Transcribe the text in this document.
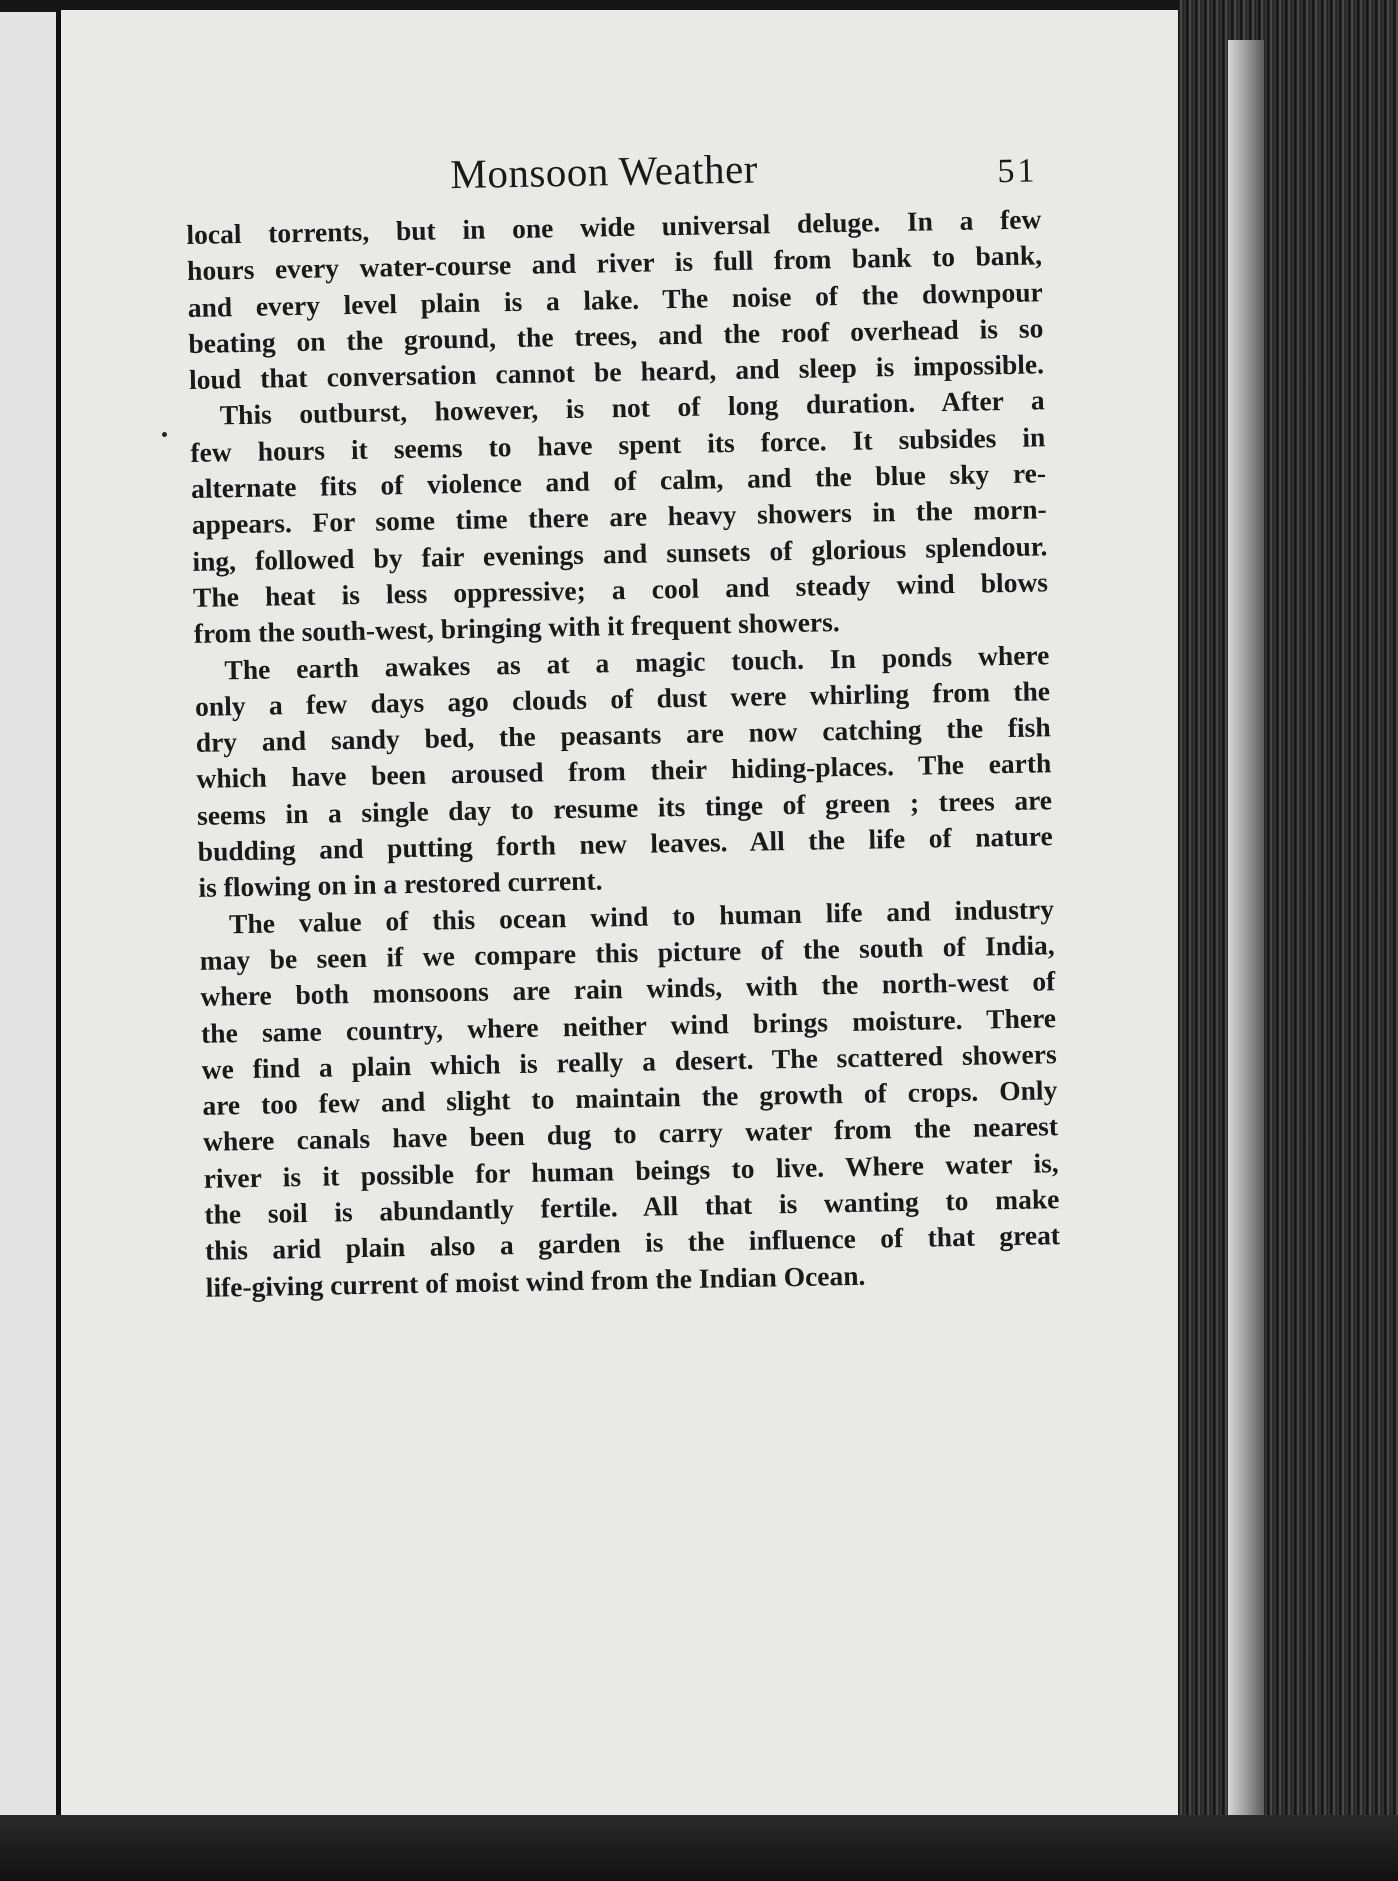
Monsoon Weather	51
local torrents, but in one wide universal deluge. In a few
hours every water-course and river is full from bank to bank,
and every level plain is a lake. The noise of the downpour
beating on the ground, the trees, and the roof overhead is so
loud that conversation cannot be heard, and sleep is impossible.
This outburst, however, is not of long duration. After a
few hours it seems to have spent its force. It subsides in
alternate fits of violence and of calm, and the blue sky re-
appears. For some time there are heavy showers in the morn-
ing, followed by fair evenings and sunsets of glorious splendour.
The heat is less oppressive; a cool and steady wind blows
from the south-west, bringing with it frequent showers.
The earth awakes as at a magic touch. In ponds where
only a few days ago clouds of dust were whirling from the
dry and sandy bed, the peasants are now catching the fish
which have been aroused from their hiding-places. The earth
seems in a single day to resume its tinge of green ; trees are
budding and putting forth new leaves. All the life of nature
is flowing on in a restored current.
The value of this ocean wind to human life and industry
may be seen if we compare this picture of the south of India,
where both monsoons are rain winds, with the north-west of
the same country, where neither wind brings moisture. There
we find a plain which is really a desert. The scattered showers
are too few and slight to maintain the growth of crops. Only
where canals have been dug to carry water from the nearest
river is it possible for human beings to live. Where water is,
the soil is abundantly fertile. All that is wanting to make
this arid plain also a garden is the influence of that great
life-giving current of moist wind from the Indian Ocean.
